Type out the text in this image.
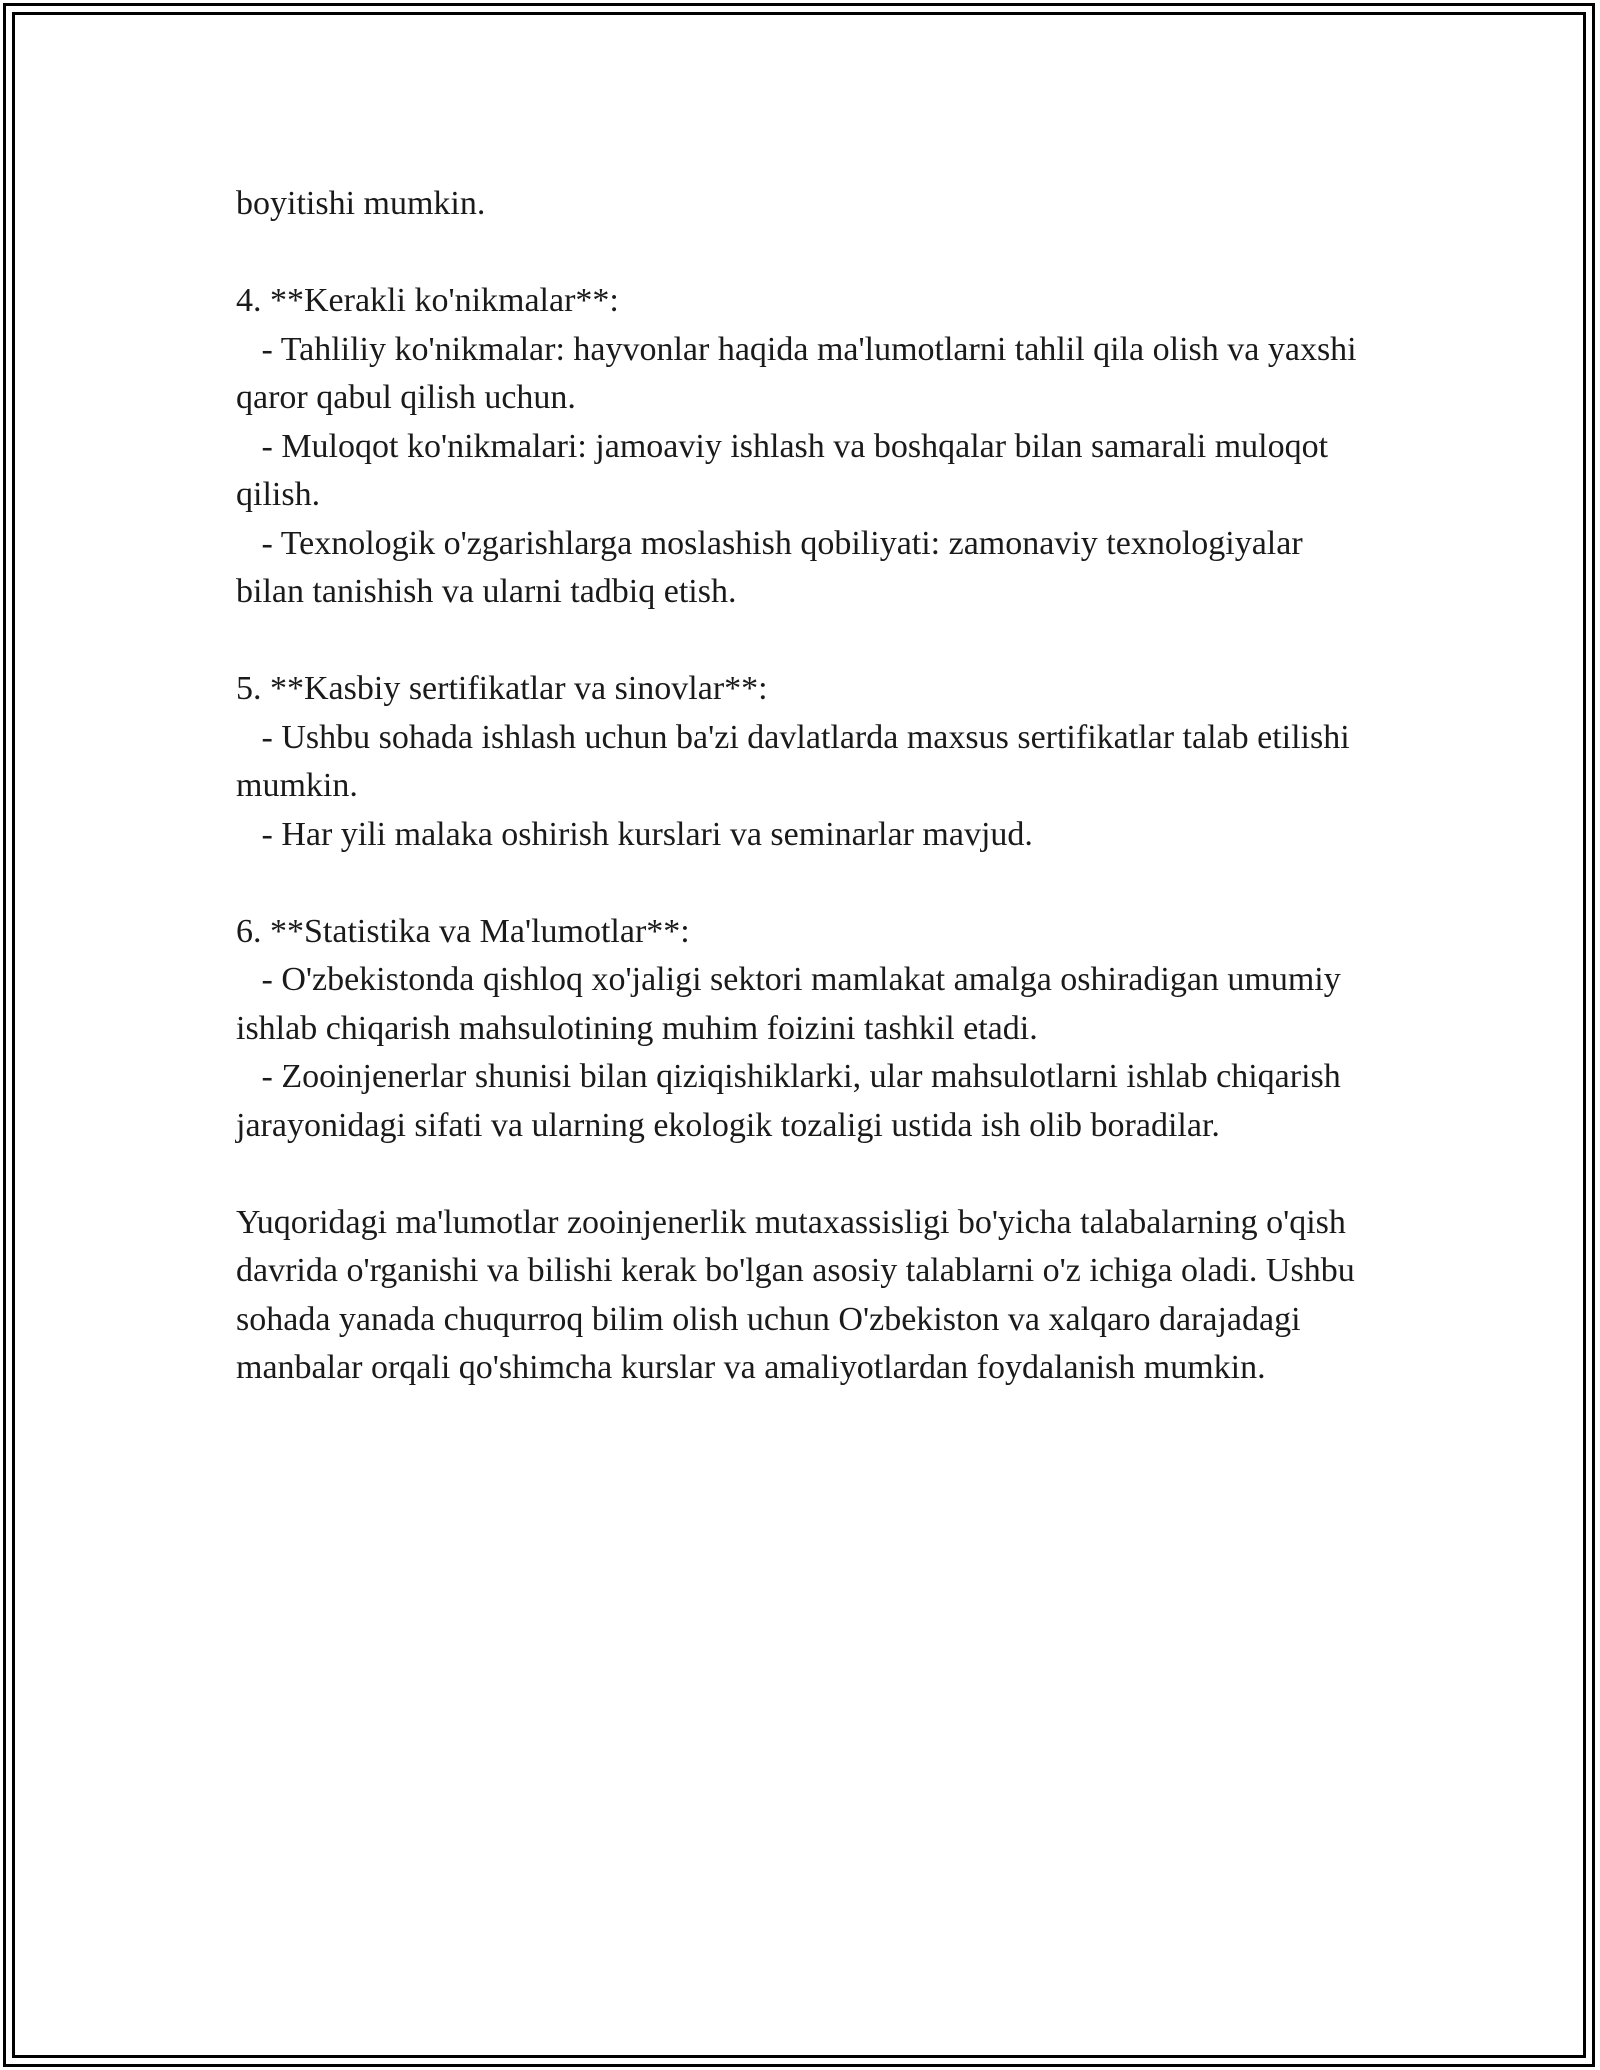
boyitishi mumkin.

4. **Kerakli ko'nikmalar**:

- Tahliliy ko'nikmalar: hayvonlar haqida ma'lumotlarni tahlil qila olish va yaxshi qaror qabul qilish uchun.

- Muloqot ko'nikmalari: jamoaviy ishlash va boshqalar bilan samarali muloqot qilish.

- Texnologik o'zgarishlarga moslashish qobiliyati: zamonaviy texnologiyalar bilan tanishish va ularni tadbiq etish.

5. **Kasbiy sertifikatlar va sinovlar**:

- Ushbu sohada ishlash uchun ba'zi davlatlarda maxsus sertifikatlar talab etilishi mumkin.

- Har yili malaka oshirish kurslari va seminarlar mavjud.

6. **Statistika va Ma'lumotlar**:

- O'zbekistonda qishloq xo'jaligi sektori mamlakat amalga oshiradigan umumiy ishlab chiqarish mahsulotining muhim foizini tashkil etadi.

- Zooinjenerlar shunisi bilan qiziqishiklarki, ular mahsulotlarni ishlab chiqarish jarayonidagi sifati va ularning ekologik tozaligi ustida ish olib boradilar.

Yuqoridagi ma'lumotlar zooinjenerlik mutaxassisligi bo'yicha talabalarning o'qish davrida o'rganishi va bilishi kerak bo'lgan asosiy talablarni o'z ichiga oladi. Ushbu sohada yanada chuqurroq bilim olish uchun O'zbekiston va xalqaro darajadagi manbalar orqali qo'shimcha kurslar va amaliyotlardan foydalanish mumkin.
